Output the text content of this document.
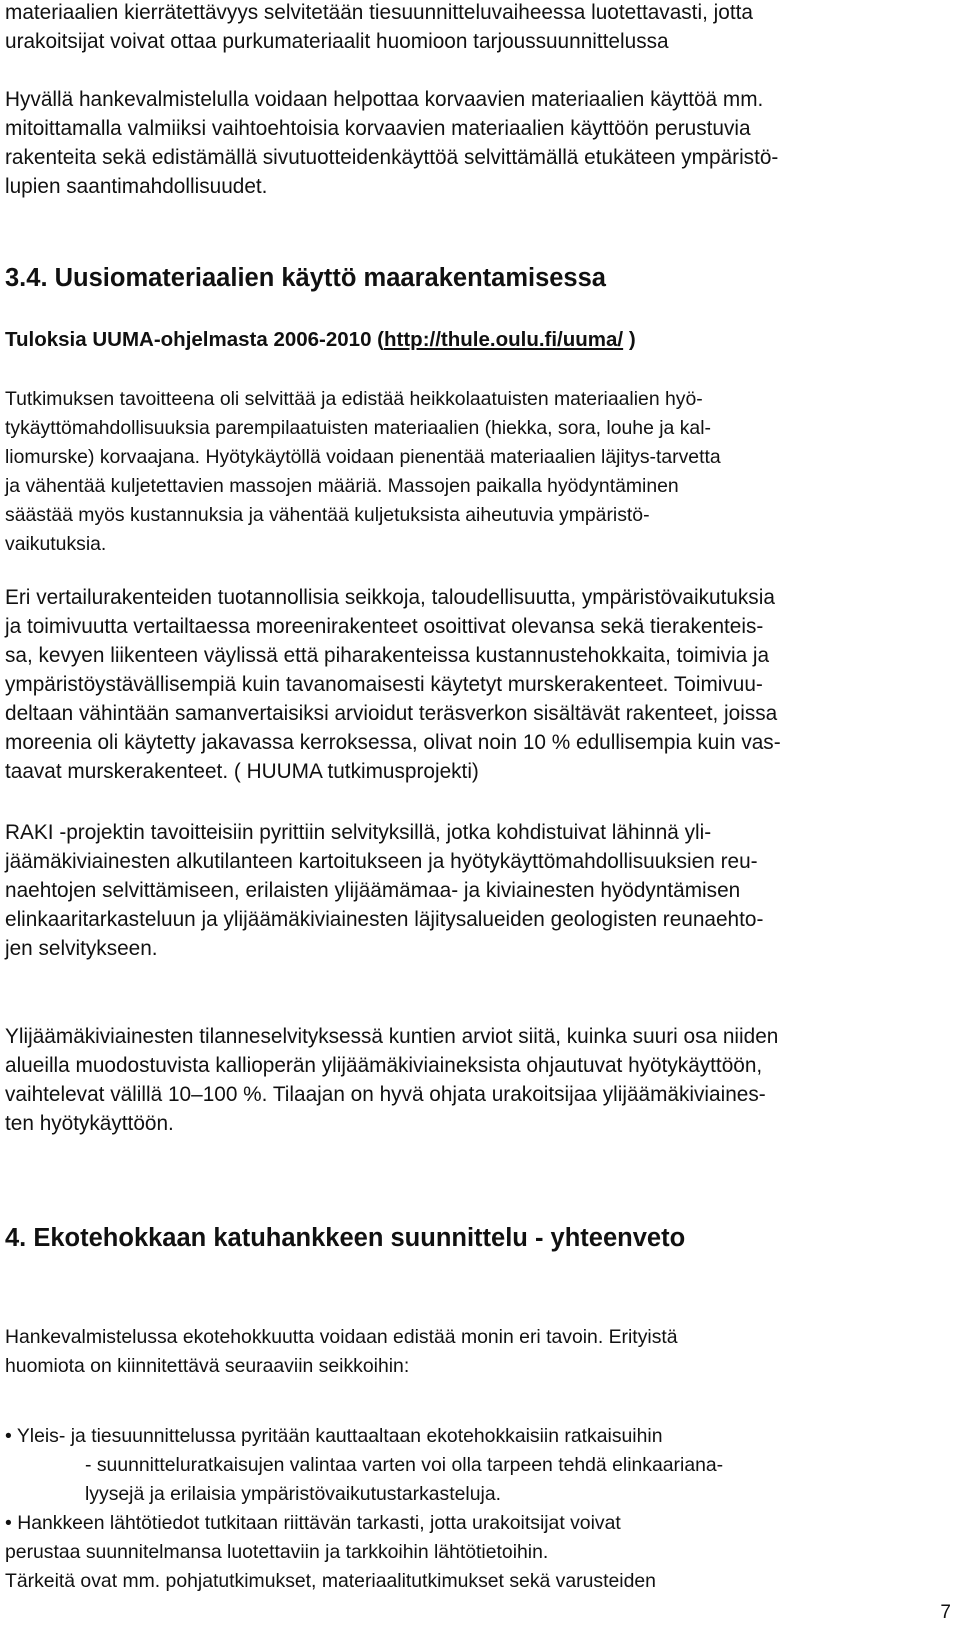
materiaalien kierrätettävyys selvitetään tiesuunnitteluvaiheessa luotettavasti, jotta
urakoitsijat voivat ottaa purkumateriaalit huomioon tarjoussuunnittelussa
Hyvällä hankevalmistelulla voidaan helpottaa korvaavien materiaalien käyttöä mm.
mitoittamalla valmiiksi vaihtoehtoisia korvaavien materiaalien käyttöön perustuvia
rakenteita sekä edistämällä sivutuotteidenkäyttöä selvittämällä etukäteen ympäristö-
lupien saantimahdollisuudet.
3.4. Uusiomateriaalien käyttö maarakentamisessa
Tuloksia UUMA-ohjelmasta 2006-2010 (http://thule.oulu.fi/uuma/ )
Tutkimuksen tavoitteena oli selvittää ja edistää heikkolaatuisten materiaalien hyö-
tykäyttömahdollisuuksia parempilaatuisten materiaalien (hiekka, sora, louhe ja kal-
liomurske) korvaajana. Hyötykäytöllä voidaan pienentää materiaalien läjitys-tarvetta
ja vähentää kuljetettavien massojen määriä. Massojen paikalla hyödyntäminen
säästää myös kustannuksia ja vähentää kuljetuksista aiheutuvia ympäristö-
vaikutuksia.
Eri vertailurakenteiden tuotannollisia seikkoja, taloudellisuutta, ympäristövaikutuksia
ja toimivuutta vertailtaessa moreenirakenteet osoittivat olevansa sekä tierakenteis-
sa, kevyen liikenteen väylissä että piharakenteissa kustannustehokkaita, toimivia ja
ympäristöystävällisempiä kuin tavanomaisesti käytetyt murskerakenteet. Toimivuu-
deltaan vähintään samanvertaisiksi arvioidut teräsverkon sisältävät rakenteet, joissa
moreenia oli käytetty jakavassa kerroksessa, olivat noin 10 % edullisempia kuin vas-
taavat murskerakenteet. ( HUUMA tutkimusprojekti)
RAKI -projektin tavoitteisiin pyrittiin selvityksillä, jotka kohdistuivat lähinnä yli-
jäämäkiviainesten alkutilanteen kartoitukseen ja hyötykäyttömahdollisuuksien reu-
naehtojen selvittämiseen, erilaisten ylijäämämaa- ja kiviainesten hyödyntämisen
elinkaaritarkasteluun ja ylijäämäkiviainesten läjitysalueiden geologisten reunaehto-
jen selvitykseen.
Ylijäämäkiviainesten tilanneselvityksessä kuntien arviot siitä, kuinka suuri osa niiden
alueilla muodostuvista kallioperän ylijäämäkiviaineksista ohjautuvat hyötykäyttöön,
vaihtelevat välillä 10–100 %. Tilaajan on hyvä ohjata urakoitsijaa ylijäämäkiviaines-
ten hyötykäyttöön.
4. Ekotehokkaan katuhankkeen suunnittelu - yhteenveto
Hankevalmistelussa ekotehokkuutta voidaan edistää monin eri tavoin. Erityistä
huomiota on kiinnitettävä seuraaviin seikkoihin:
• Yleis- ja tiesuunnittelussa pyritään kauttaaltaan ekotehokkaisiin ratkaisuihin
- suunnitteluratkaisujen valintaa varten voi olla tarpeen tehdä elinkaariana-
lyysejä ja erilaisia ympäristövaikutustarkasteluja.
• Hankkeen lähtötiedot tutkitaan riittävän tarkasti, jotta urakoitsijat voivat
perustaa suunnitelmansa luotettaviin ja tarkkoihin lähtötietoihin.
Tärkeitä ovat mm. pohjatutkimukset, materiaalitutkimukset sekä varusteiden
7
